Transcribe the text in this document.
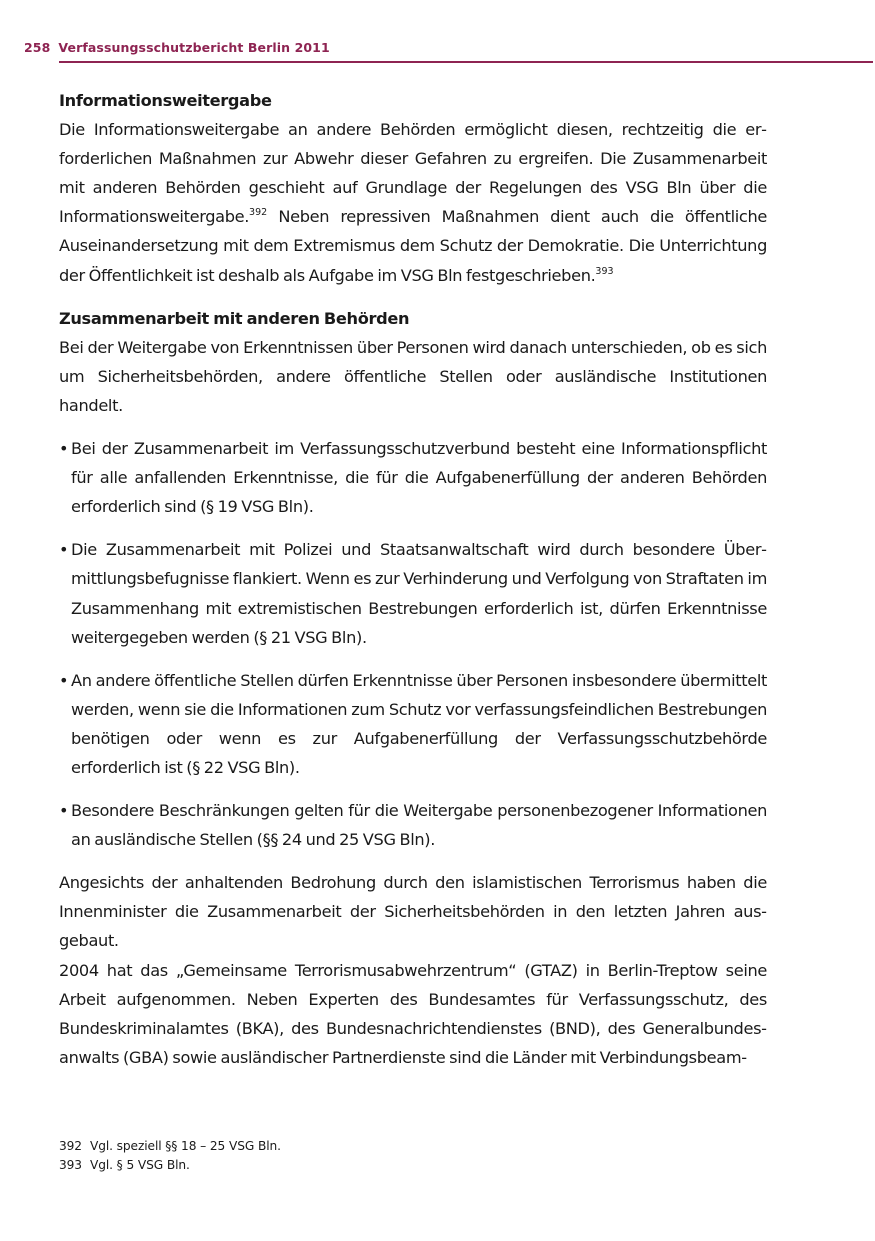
258 Verfassungsschutzbericht Berlin 2011

Informationsweitergabe

Die Informationsweitergabe an andere Behörden ermöglicht diesen, rechtzeitig die erforderlichen Maßnahmen zur Abwehr dieser Gefahren zu ergreifen. Die Zusammenarbeit mit anderen Behörden geschieht auf Grundlage der Regelungen des VSG Bln über die Informationsweitergabe.$^{392}$ Neben repressiven Maßnahmen dient auch die öffentliche Auseinandersetzung mit dem Extremismus dem Schutz der Demokratie. Die Unterrichtung der Öffentlichkeit ist deshalb als Aufgabe im VSG Bln festgeschrieben.$^{393}$

Zusammenarbeit mit anderen Behörden

Bei der Weitergabe von Erkenntnissen über Personen wird danach unterschieden, ob es sich um Sicherheitsbehörden, andere öffentliche Stellen oder ausländische Institutionen handelt.

• Bei der Zusammenarbeit im Verfassungsschutzverbund besteht eine Informationspflicht für alle anfallenden Erkenntnisse, die für die Aufgabenerfüllung der anderen Behörden erforderlich sind (§ 19 VSG Bln).
• Die Zusammenarbeit mit Polizei und Staatsanwaltschaft wird durch besondere Übermittlungsbefugnisse flankiert. Wenn es zur Verhinderung und Verfolgung von Straftaten im Zusammenhang mit extremistischen Bestrebungen erforderlich ist, dürfen Erkenntnisse weitergegeben werden (§ 21 VSG Bln).
• An andere öffentliche Stellen dürfen Erkenntnisse über Personen insbesondere übermittelt werden, wenn sie die Informationen zum Schutz vor verfassungsfeindlichen Bestrebungen benötigen oder wenn es zur Aufgabenerfüllung der Verfassungsschutzbehörde erforderlich ist (§ 22 VSG Bln).
• Besondere Beschränkungen gelten für die Weitergabe personenbezogener Informationen an ausländische Stellen (§§ 24 und 25 VSG Bln).

Angesichts der anhaltenden Bedrohung durch den islamistischen Terrorismus haben die Innenminister die Zusammenarbeit der Sicherheitsbehörden in den letzten Jahren ausgebaut.

2004 hat das „Gemeinsame Terrorismusabwehrzentrum“ (GTAZ) in Berlin-Treptow seine Arbeit aufgenommen. Neben Experten des Bundesamtes für Verfassungsschutz, des Bundeskriminalamtes (BKA), des Bundesnachrichtendienstes (BND), des Generalbundesanwalts (GBA) sowie ausländischer Partnerdienste sind die Länder mit Verbindungsbeam-

392 Vgl. speziell §§ 18 – 25 VSG Bln.
393 Vgl. § 5 VSG Bln.
